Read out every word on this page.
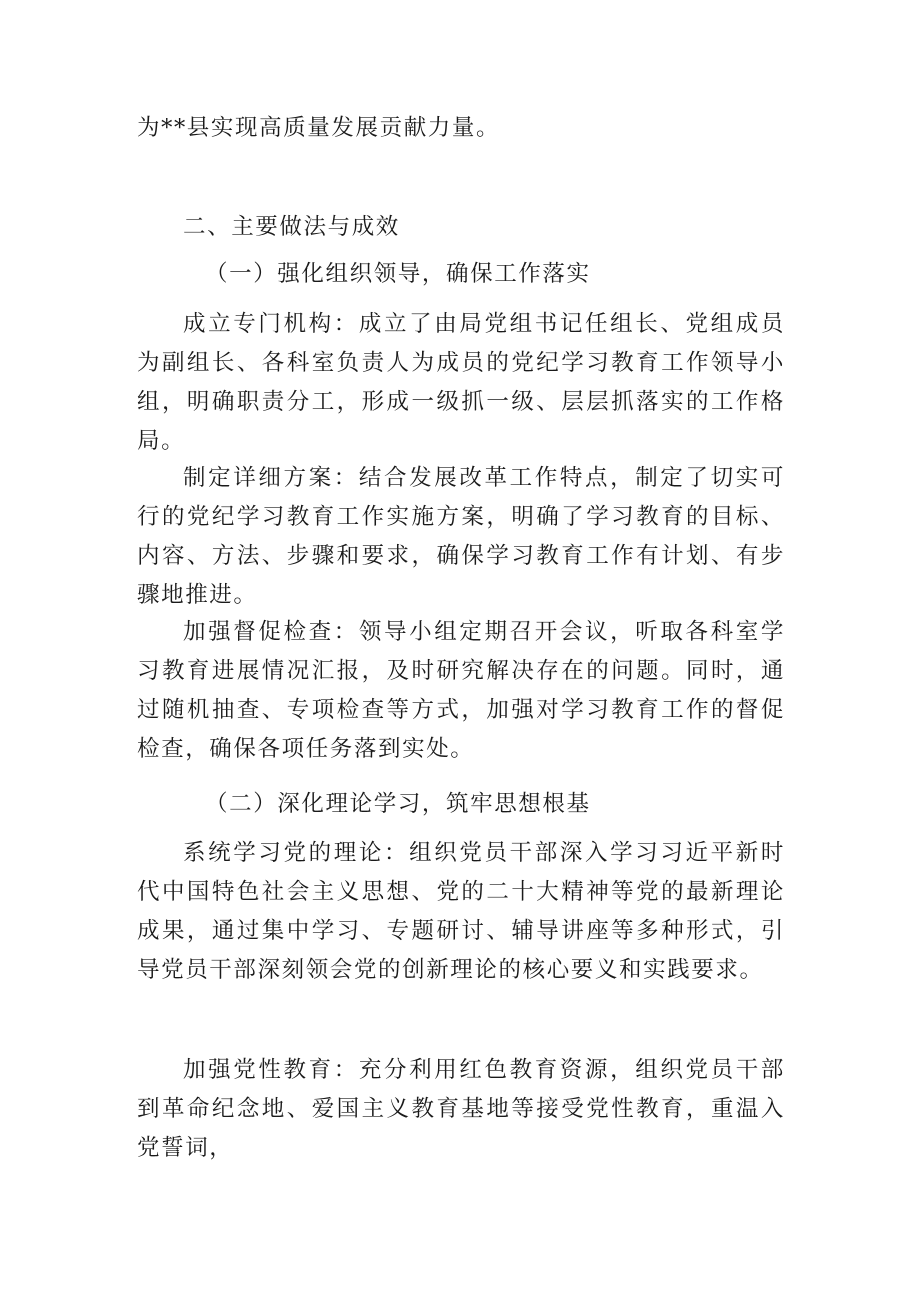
为**县实现高质量发展贡献力量。

二、主要做法与成效

（一）强化组织领导，确保工作落实

成立专门机构：成立了由局党组书记任组长、党组成员为副组长、各科室负责人为成员的党纪学习教育工作领导小组，明确职责分工，形成一级抓一级、层层抓落实的工作格局。

制定详细方案：结合发展改革工作特点，制定了切实可行的党纪学习教育工作实施方案，明确了学习教育的目标、内容、方法、步骤和要求，确保学习教育工作有计划、有步骤地推进。

加强督促检查：领导小组定期召开会议，听取各科室学习教育进展情况汇报，及时研究解决存在的问题。同时，通过随机抽查、专项检查等方式，加强对学习教育工作的督促检查，确保各项任务落到实处。

（二）深化理论学习，筑牢思想根基

系统学习党的理论：组织党员干部深入学习习近平新时代中国特色社会主义思想、党的二十大精神等党的最新理论成果，通过集中学习、专题研讨、辅导讲座等多种形式，引导党员干部深刻领会党的创新理论的核心要义和实践要求。

加强党性教育：充分利用红色教育资源，组织党员干部到革命纪念地、爱国主义教育基地等接受党性教育，重温入党誓词，
